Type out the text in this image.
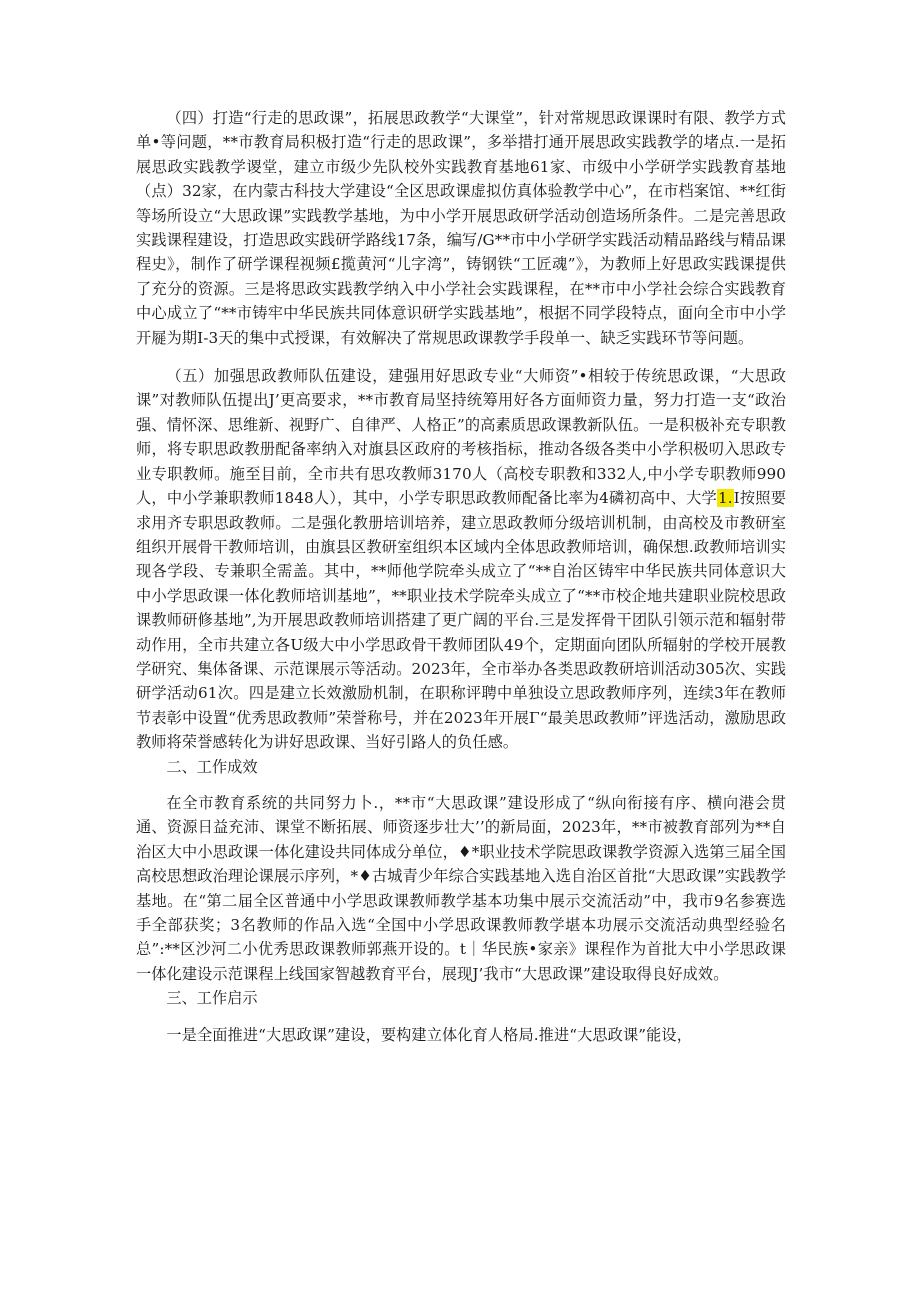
（四）打造“行走的思政课”，拓展思政教学“大课堂”，针对常规思政课课时有限、教学方式单•等问题，**市教育局积极打造“行走的思政课”，多举措打通开展思政实践教学的堵点.一是拓展思政实践教学谡堂，建立市级少先队校外实践教育基地61家、市级中小学研学实践教育基地（点）32家，在内蒙古科技大学建设“全区思政课虚拟仿真体验教学中心”，在市档案馆、**红街等场所设立“大思政课”实践教学基地，为中小学开展思政研学活动创造场所条件。二是完善思政实践课程建设，打造思政实践研学路线17条，编写/G**市中小学研学实践活动精品路线与精品课程史》，制作了研学课程视频£揽黄河“儿字湾”，铸钢铁“工匠魂”》，为教师上好思政实践课提供了充分的资源。三是将思政实践教学纳入中小学社会实践课程，在**市中小学社会综合实践教育中心成立了“**市铸牢中华民族共同体意识研学实践基地”，根据不同学段特点，面向全市中小学开屣为期I-3天的集中式授课，有效解决了常规思政课教学手段单一、缺乏实践环节等问题。

（五）加强思政教师队伍建设，建强用好思政专业“大师资”•相较于传统思政课，“大思政课”对教师队伍提出J’更高要求，**市教育局坚持统筹用好各方面师资力量，努力打造一支“政治强、情怀深、思维新、视野广、自律严、人格正”的高素质思政课教新队伍。一是积极补充专职教师，将专职思政教册配备率纳入对旗县区政府的考核指标，推动各级各类中小学积极叨入思政专业专职教师。施至目前，全市共有思攻教师3170人（高校专职教和332人,中小学专职教师990人，中小学兼职教师1848人），其中，小学专职思政教师配备比率为4磷初高中、大学1.I按照要求用齐专职思政教师。二是强化教册培训培养，建立思政教师分级培训机制，由高校及市教研室组织开展骨干教师培训，由旗县区教研室组织本区域内全体思政教师培训，确保想.政教师培训实现各学段、专兼职全需盖。其中，**师他学院牵头成立了“**自治区铸牢中华民族共同体意识大中小学思政课一体化教师培训基地”，**职业技术学院牵头成立了“**市校企地共建职业院校思政课教师研修基地”,为开展思政教师培训搭建了更广阔的平台.三是发挥骨干团队引领示范和辐射带动作用，全市共建立各U级大中小学思政骨干教师团队49个，定期面向团队所辐射的学校开展教学研究、集体备课、示范课展示等活动。2023年，全市举办各类思政教研培训活动305次、实践研学活动61次。四是建立长效激励机制，在职称评聘中单独设立思政教师序列，连续3年在教师节表彰中设置“优秀思政教师”荣誉称号，并在2023年开展Γ“最美思政教师”评选活动，激励思政教师将荣誉感转化为讲好思政课、当好引路人的负任感。

二、工作成效

在全市教育系统的共同努力卜.，**市“大思政课”建设形成了“纵向衔接有序、横向港会贯通、资源日益充沛、课堂不断拓展、师资逐步壮大’’的新局面，2023年，**市被教育部列为**自治区大中小思政课一体化建设共同体成分单位，♦*职业技术学院思政课教学资源入选第三届全国高校思想政治理论课展示序列，*♦古城青少年综合实践基地入选自治区首批“大思政课”实践教学基地。在“第二届全区普通中小学思政课教师教学基本功集中展示交流活动”中，我市9名参赛选手全部获奖；3名教师的作品入选“全国中小学思政课教师教学堪本功展示交流活动典型经验名总”:**区沙河二小优秀思政课教师郭燕开设的。t｜华民族•家亲》课程作为首批大中小学思政课一体化建设示范课程上线国家智越教育平台，展现J’我市“大思政课”建设取得良好成效。

三、工作启示

一是全面推进“大思政课”建设，要构建立体化育人格局.推进“大思政课”能设，
